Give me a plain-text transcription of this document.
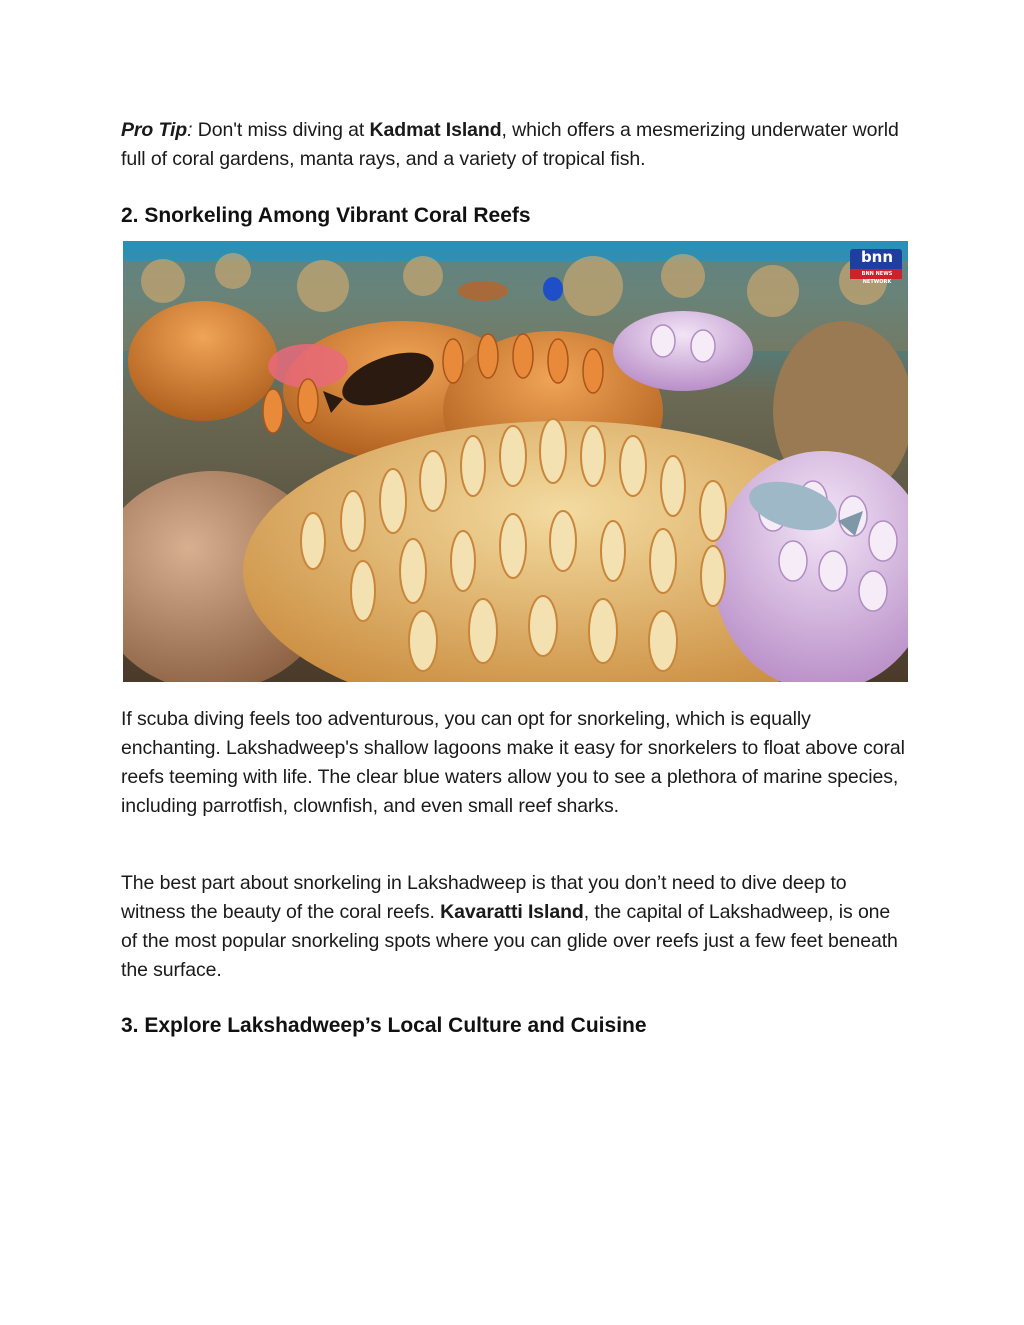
Pro Tip: Don't miss diving at Kadmat Island, which offers a mesmerizing underwater world full of coral gardens, manta rays, and a variety of tropical fish.

2. Snorkeling Among Vibrant Coral Reefs
bnn
BNN NEWS NETWORK

If scuba diving feels too adventurous, you can opt for snorkeling, which is equally enchanting. Lakshadweep's shallow lagoons make it easy for snorkelers to float above coral reefs teeming with life. The clear blue waters allow you to see a plethora of marine species, including parrotfish, clownfish, and even small reef sharks.

The best part about snorkeling in Lakshadweep is that you don’t need to dive deep to witness the beauty of the coral reefs. Kavaratti Island, the capital of Lakshadweep, is one of the most popular snorkeling spots where you can glide over reefs just a few feet beneath the surface.

3. Explore Lakshadweep’s Local Culture and Cuisine
